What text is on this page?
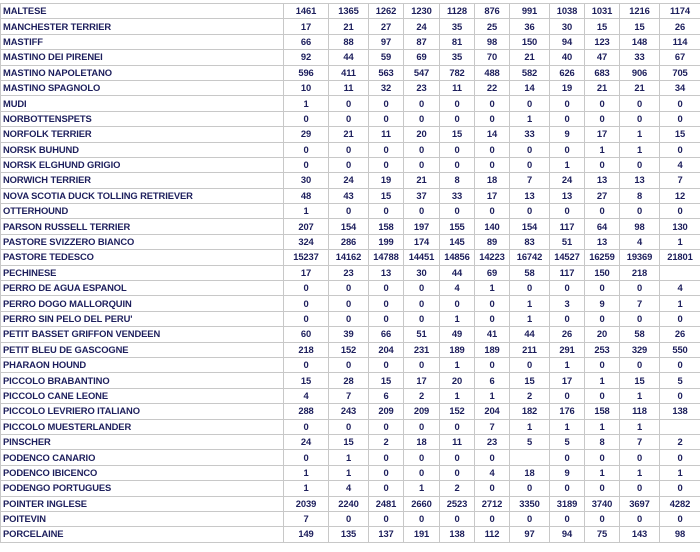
MALTESE	1461	1365	1262	1230	1128	876	991	1038	1031	1216	1174
MANCHESTER TERRIER	17	21	27	24	35	25	36	30	15	15	26
MASTIFF	66	88	97	87	81	98	150	94	123	148	114
MASTINO DEI PIRENEI	92	44	59	69	35	70	21	40	47	33	67
MASTINO NAPOLETANO	596	411	563	547	782	488	582	626	683	906	705
MASTINO SPAGNOLO	10	11	32	23	11	22	14	19	21	21	34
MUDI	1	0	0	0	0	0	0	0	0	0	0
NORBOTTENSPETS	0	0	0	0	0	0	1	0	0	0	0
NORFOLK TERRIER	29	21	11	20	15	14	33	9	17	1	15
NORSK BUHUND	0	0	0	0	0	0	0	0	1	1	0
NORSK ELGHUND GRIGIO	0	0	0	0	0	0	0	1	0	0	4
NORWICH TERRIER	30	24	19	21	8	18	7	24	13	13	7
NOVA SCOTIA DUCK TOLLING RETRIEVER	48	43	15	37	33	17	13	13	27	8	12
OTTERHOUND	1	0	0	0	0	0	0	0	0	0	0
PARSON RUSSELL TERRIER	207	154	158	197	155	140	154	117	64	98	130
PASTORE SVIZZERO BIANCO	324	286	199	174	145	89	83	51	13	4	1
PASTORE TEDESCO	15237	14162	14788	14451	14856	14223	16742	14527	16259	19369	21801
PECHINESE	17	23	13	30	44	69	58	117	150	218	
PERRO DE AGUA ESPANOL	0	0	0	0	4	1	0	0	0	0	4
PERRO DOGO MALLORQUIN	0	0	0	0	0	0	1	3	9	7	1
PERRO SIN PELO DEL PERU'	0	0	0	0	1	0	1	0	0	0	0
PETIT BASSET GRIFFON VENDEEN	60	39	66	51	49	41	44	26	20	58	26
PETIT BLEU DE GASCOGNE	218	152	204	231	189	189	211	291	253	329	550
PHARAON HOUND	0	0	0	0	1	0	0	1	0	0	0
PICCOLO BRABANTINO	15	28	15	17	20	6	15	17	1	15	5
PICCOLO CANE LEONE	4	7	6	2	1	1	2	0	0	1	0
PICCOLO LEVRIERO ITALIANO	288	243	209	209	152	204	182	176	158	118	138
PICCOLO MUESTERLANDER	0	0	0	0	0	7	1	1	1	1	
PINSCHER	24	15	2	18	11	23	5	5	8	7	2
PODENCO CANARIO	0	1	0	0	0	0		0	0	0	0
PODENCO IBICENCO	1	1	0	0	0	4	18	9	1	1	1
PODENGO PORTUGUES	1	4	0	1	2	0	0	0	0	0	0
POINTER INGLESE	2039	2240	2481	2660	2523	2712	3350	3189	3740	3697	4282
POITEVIN	7	0	0	0	0	0	0	0	0	0	0
PORCELAINE	149	135	137	191	138	112	97	94	75	143	98
